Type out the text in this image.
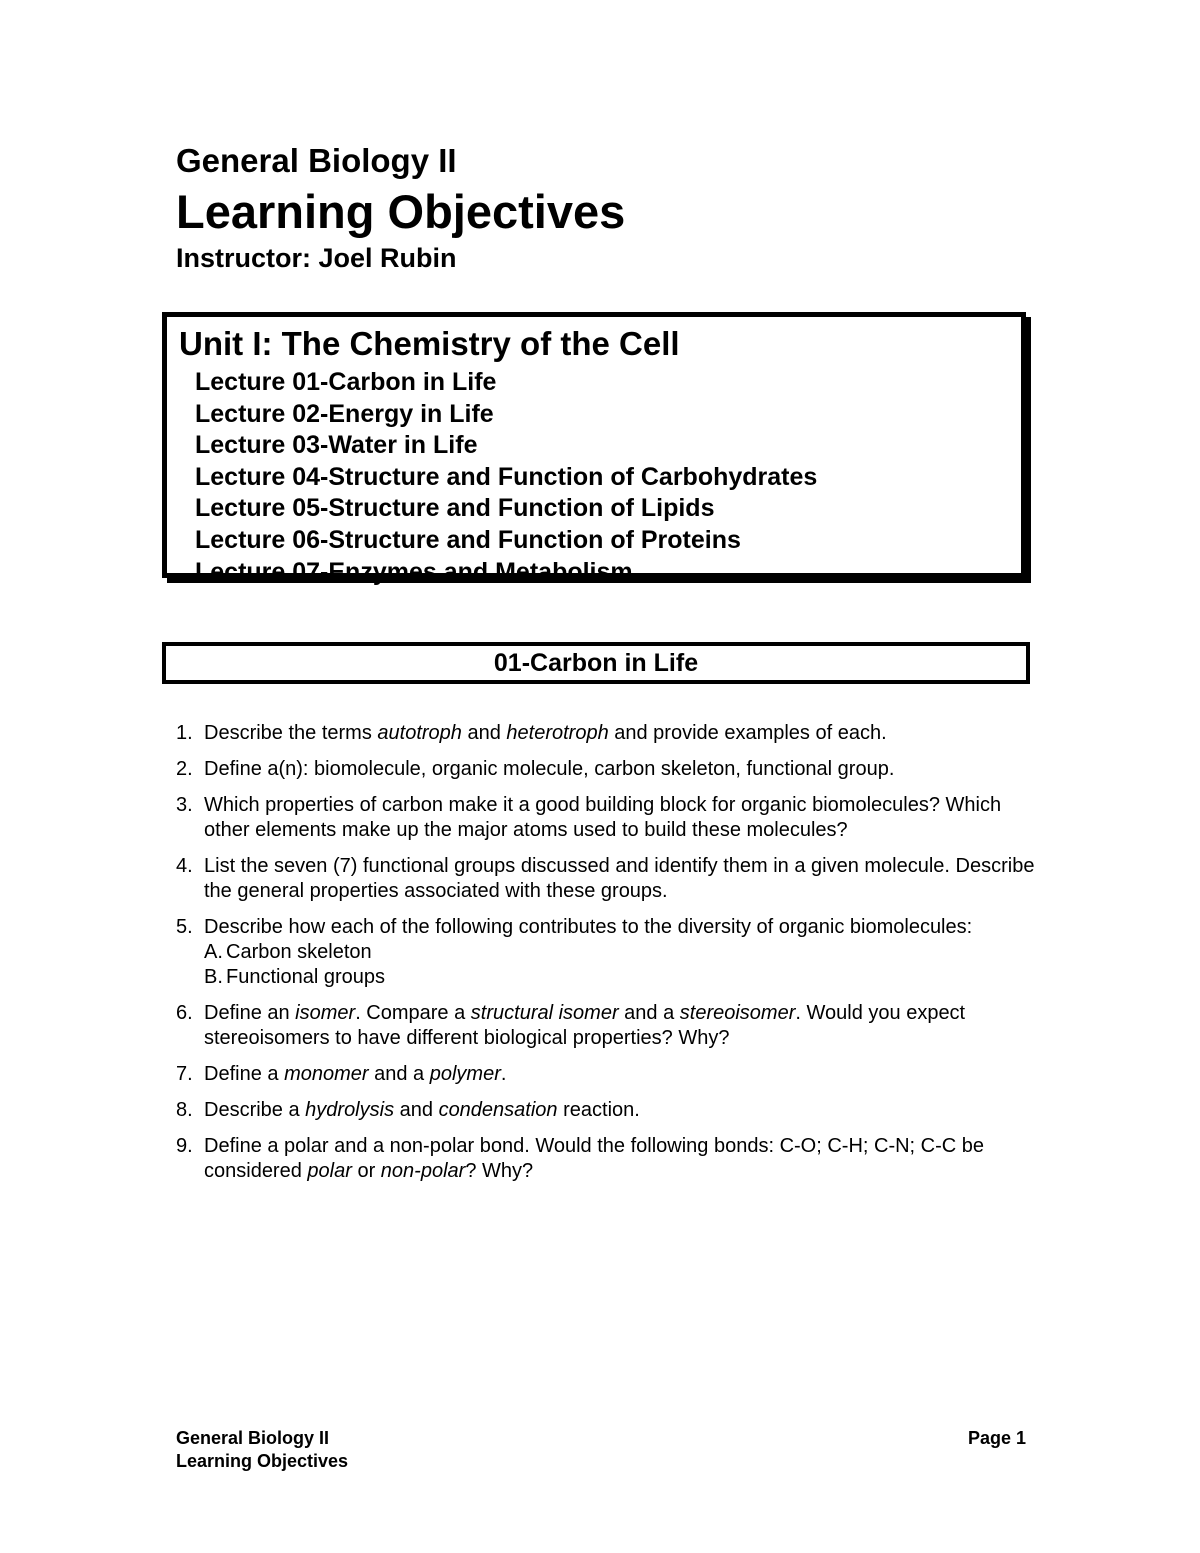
General Biology II
Learning Objectives
Instructor: Joel Rubin
Unit I: The Chemistry of the Cell
Lecture 01-Carbon in Life
Lecture 02-Energy in Life
Lecture 03-Water in Life
Lecture 04-Structure and Function of Carbohydrates
Lecture 05-Structure and Function of Lipids
Lecture 06-Structure and Function of Proteins
Lecture 07-Enzymes and Metabolism
01-Carbon in Life
1. Describe the terms autotroph and heterotroph and provide examples of each.
2. Define a(n): biomolecule, organic molecule, carbon skeleton, functional group.
3. Which properties of carbon make it a good building block for organic biomolecules? Which other elements make up the major atoms used to build these molecules?
4. List the seven (7) functional groups discussed and identify them in a given molecule. Describe the general properties associated with these groups.
5. Describe how each of the following contributes to the diversity of organic biomolecules:
A. Carbon skeleton
B. Functional groups
6. Define an isomer. Compare a structural isomer and a stereoisomer. Would you expect stereoisomers to have different biological properties? Why?
7. Define a monomer and a polymer.
8. Describe a hydrolysis and condensation reaction.
9. Define a polar and a non-polar bond. Would the following bonds: C-O; C-H; C-N; C-C be considered polar or non-polar? Why?
General Biology II
Learning Objectives
Page 1
